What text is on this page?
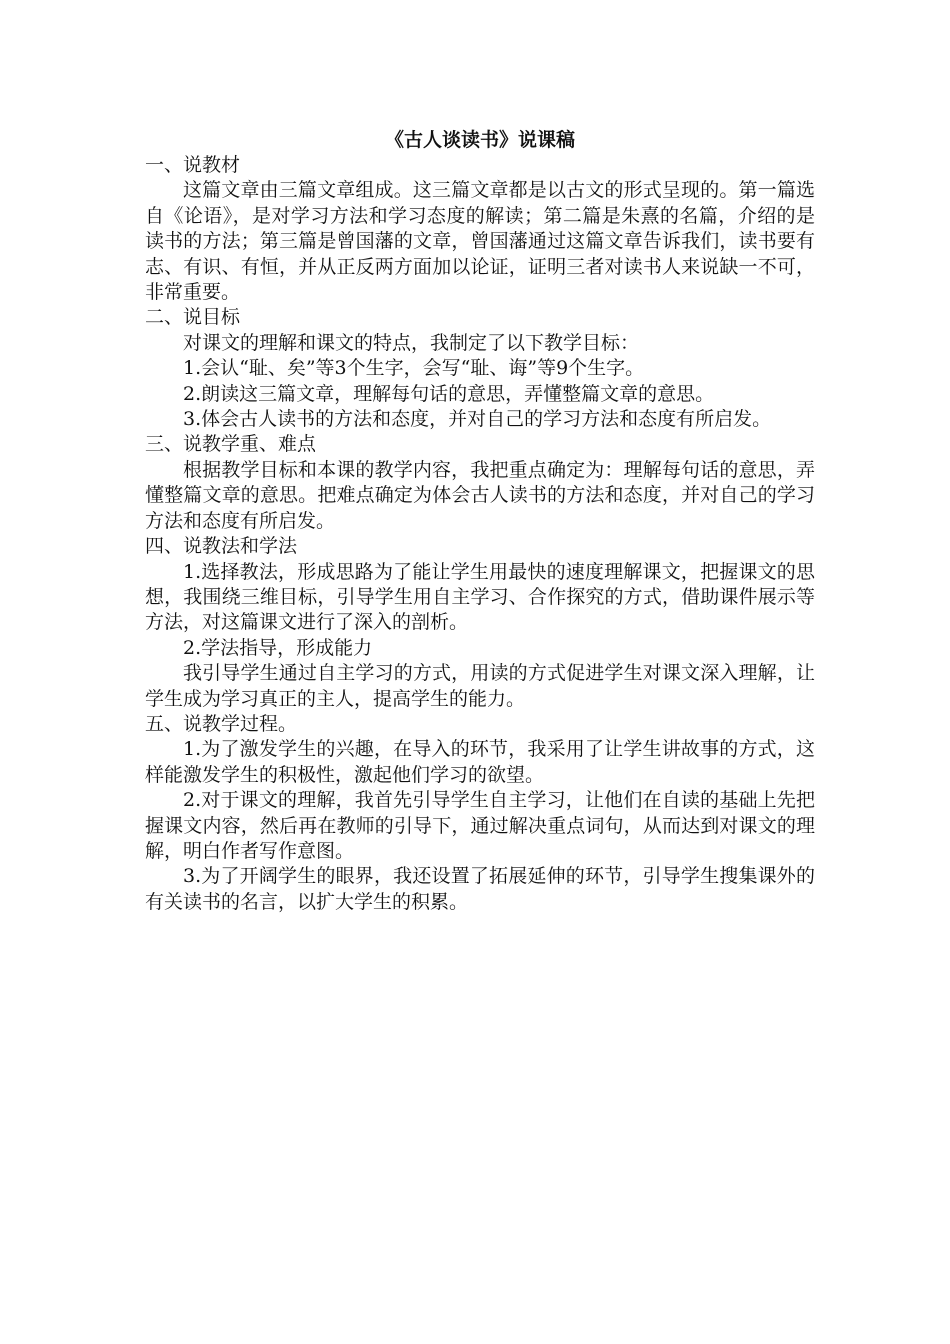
《古人谈读书》说课稿

一、说教材

这篇文章由三篇文章组成。这三篇文章都是以古文的形式呈现的。第一篇选自《论语》，是对学习方法和学习态度的解读；第二篇是朱熹的名篇，介绍的是读书的方法；第三篇是曾国藩的文章，曾国藩通过这篇文章告诉我们，读书要有志、有识、有恒，并从正反两方面加以论证，证明三者对读书人来说缺一不可，非常重要。

二、说目标

对课文的理解和课文的特点，我制定了以下教学目标：

1.会认“耻、矣”等3个生字，会写“耻、诲”等9个生字。

2.朗读这三篇文章，理解每句话的意思，弄懂整篇文章的意思。

3.体会古人读书的方法和态度，并对自己的学习方法和态度有所启发。

三、说教学重、难点

根据教学目标和本课的教学内容，我把重点确定为：理解每句话的意思，弄懂整篇文章的意思。把难点确定为体会古人读书的方法和态度，并对自己的学习方法和态度有所启发。

四、说教法和学法

1.选择教法，形成思路为了能让学生用最快的速度理解课文，把握课文的思想，我围绕三维目标，引导学生用自主学习、合作探究的方式，借助课件展示等方法，对这篇课文进行了深入的剖析。

2.学法指导，形成能力

我引导学生通过自主学习的方式，用读的方式促进学生对课文深入理解，让学生成为学习真正的主人，提高学生的能力。

五、说教学过程。

1.为了激发学生的兴趣，在导入的环节，我采用了让学生讲故事的方式，这样能激发学生的积极性，激起他们学习的欲望。

2.对于课文的理解，我首先引导学生自主学习，让他们在自读的基础上先把握课文内容，然后再在教师的引导下，通过解决重点词句，从而达到对课文的理解，明白作者写作意图。

3.为了开阔学生的眼界，我还设置了拓展延伸的环节，引导学生搜集课外的有关读书的名言，以扩大学生的积累。
